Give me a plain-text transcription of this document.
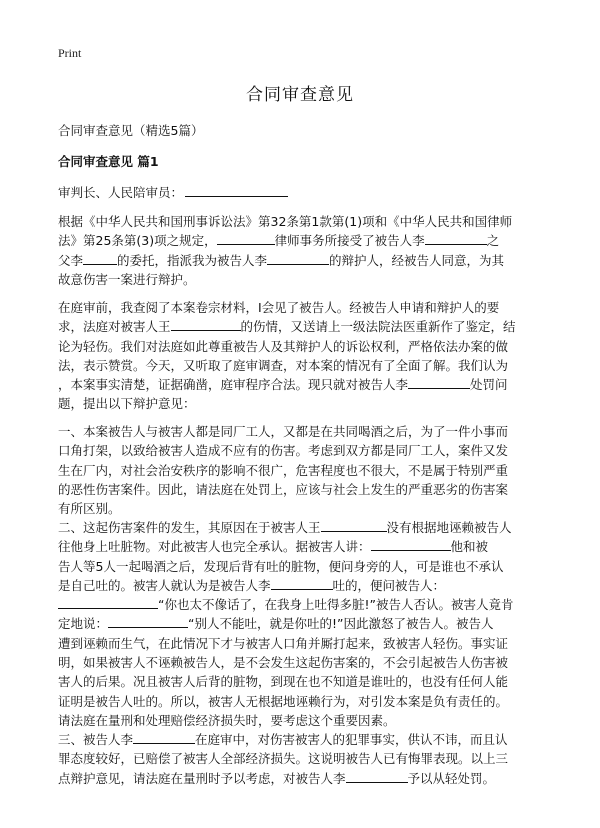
Print
合同审查意见
合同审查意见（精选5篇）
合同审查意见 篇1
审判长、人民陪审员：

根据《中华人民共和国刑事诉讼法》第32条第1款第(1)项和《中华人民共和国律师
法》第25条第(3)项之规定，	律师事务所接受了被告人李	之
父李	的委托，指派我为被告人李	的辩护人，经被告人同意，为其
故意伤害一案进行辩护。

在庭审前，我查阅了本案卷宗材料，I会见了被告人。经被告人申请和辩护人的要
求，法庭对被害人王	的伤情，又送请上一级法院法医重新作了鉴定，结
论为轻伤。我们对法庭如此尊重被告人及其辩护人的诉讼权利，严格依法办案的做
法，表示赞赏。今天，又听取了庭审调查，对本案的情况有了全面了解。我们认为
，本案事实清楚，证据确凿，庭审程序合法。现只就对被告人李	处罚问
题，提出以下辩护意见：

一、本案被告人与被害人都是同厂工人，又都是在共同喝酒之后，为了一件小事而
口角打架，以致给被害人造成不应有的伤害。考虑到双方都是同厂工人，案件又发
生在厂内，对社会治安秩序的影响不很广，危害程度也不很大，不是属于特别严重
的恶性伤害案件。因此，请法庭在处罚上，应该与社会上发生的严重恶劣的伤害案
有所区别。

二、这起伤害案件的发生，其原因在于被害人王	没有根据地诬赖被告人
往他身上吐脏物。对此被害人也完全承认。据被害人讲：	他和被
告人等5人一起喝酒之后，发现后背有吐的脏物，便问身旁的人，可是谁也不承认
是自己吐的。被害人就认为是被告人李	吐的，便问被告人：
“你也太不像话了，在我身上吐得多脏!”被告人否认。被害人竟肯
定地说：	“别人不能吐，就是你吐的!”因此激怒了被告人。被告人
遭到诬赖而生气，在此情况下才与被害人口角并厮打起来，致被害人轻伤。事实证
明，如果被害人不诬赖被告人，是不会发生这起伤害案的，不会引起被告人伤害被
害人的后果。况且被害人后背的脏物，到现在也不知道是谁吐的，也没有任何人能
证明是被告人吐的。所以，被害人无根据地诬赖行为，对引发本案是负有责任的。
请法庭在量刑和处理赔偿经济损失时，要考虑这个重要因素。

三、被告人李	在庭审中，对伤害被害人的犯罪事实，供认不讳，而且认
罪态度较好，已赔偿了被害人全部经济损失。这说明被告人已有悔罪表现。以上三
点辩护意见，请法庭在量刑时予以考虑，对被告人李	予以从轻处罚。
